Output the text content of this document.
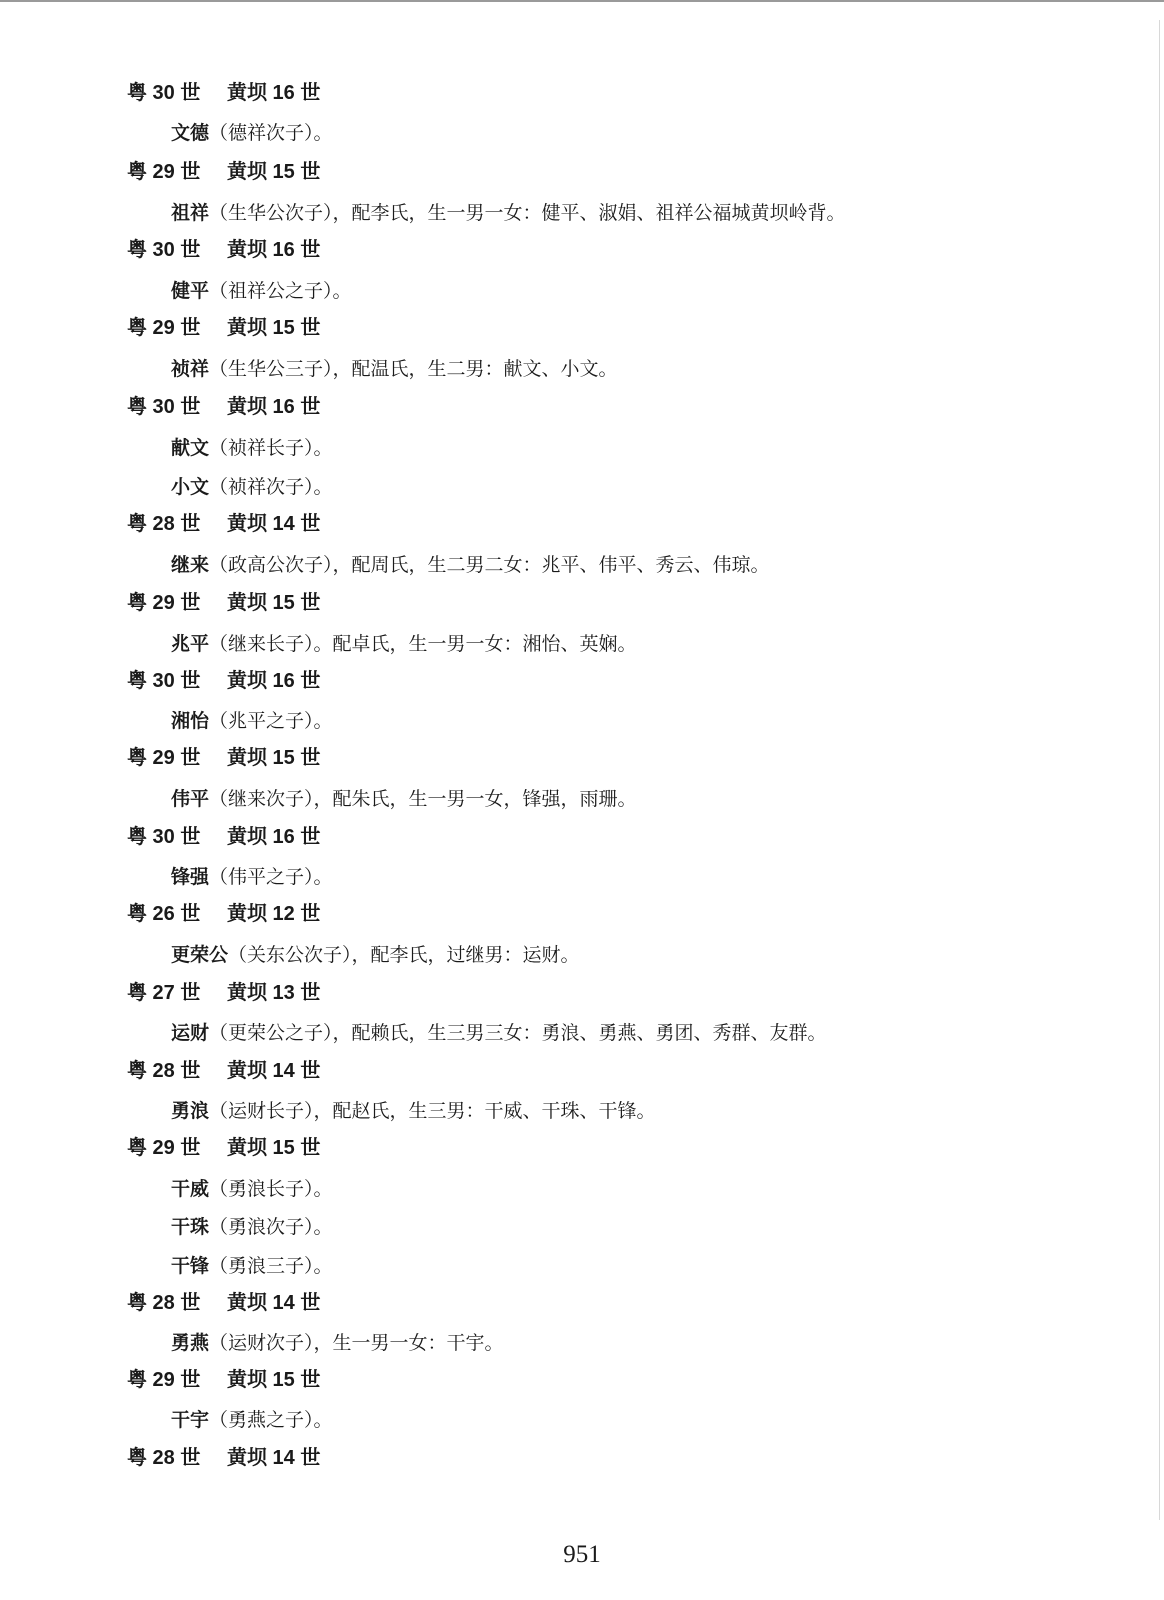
粤 30 世 黄坝 16 世
文德（德祥次子）。
粤 29 世 黄坝 15 世
祖祥（生华公次子），配李氏，生一男一女：健平、淑娟、祖祥公福城黄坝岭背。
粤 30 世 黄坝 16 世
健平（祖祥公之子）。
粤 29 世 黄坝 15 世
祯祥（生华公三子），配温氏，生二男：献文、小文。
粤 30 世 黄坝 16 世
献文（祯祥长子）。
小文（祯祥次子）。
粤 28 世 黄坝 14 世
继来（政高公次子），配周氏，生二男二女：兆平、伟平、秀云、伟琼。
粤 29 世 黄坝 15 世
兆平（继来长子）。配卓氏，生一男一女：湘怡、英娴。
粤 30 世 黄坝 16 世
湘怡（兆平之子）。
粤 29 世 黄坝 15 世
伟平（继来次子），配朱氏，生一男一女，锋强，雨珊。
粤 30 世 黄坝 16 世
锋强（伟平之子）。
粤 26 世 黄坝 12 世
更荣公（关东公次子），配李氏，过继男：运财。
粤 27 世 黄坝 13 世
运财（更荣公之子），配赖氏，生三男三女：勇浪、勇燕、勇团、秀群、友群。
粤 28 世 黄坝 14 世
勇浪（运财长子），配赵氏，生三男：干威、干珠、干锋。
粤 29 世 黄坝 15 世
干威（勇浪长子）。
干珠（勇浪次子）。
干锋（勇浪三子）。
粤 28 世 黄坝 14 世
勇燕（运财次子），生一男一女：干宇。
粤 29 世 黄坝 15 世
干宇（勇燕之子）。
粤 28 世 黄坝 14 世
951
